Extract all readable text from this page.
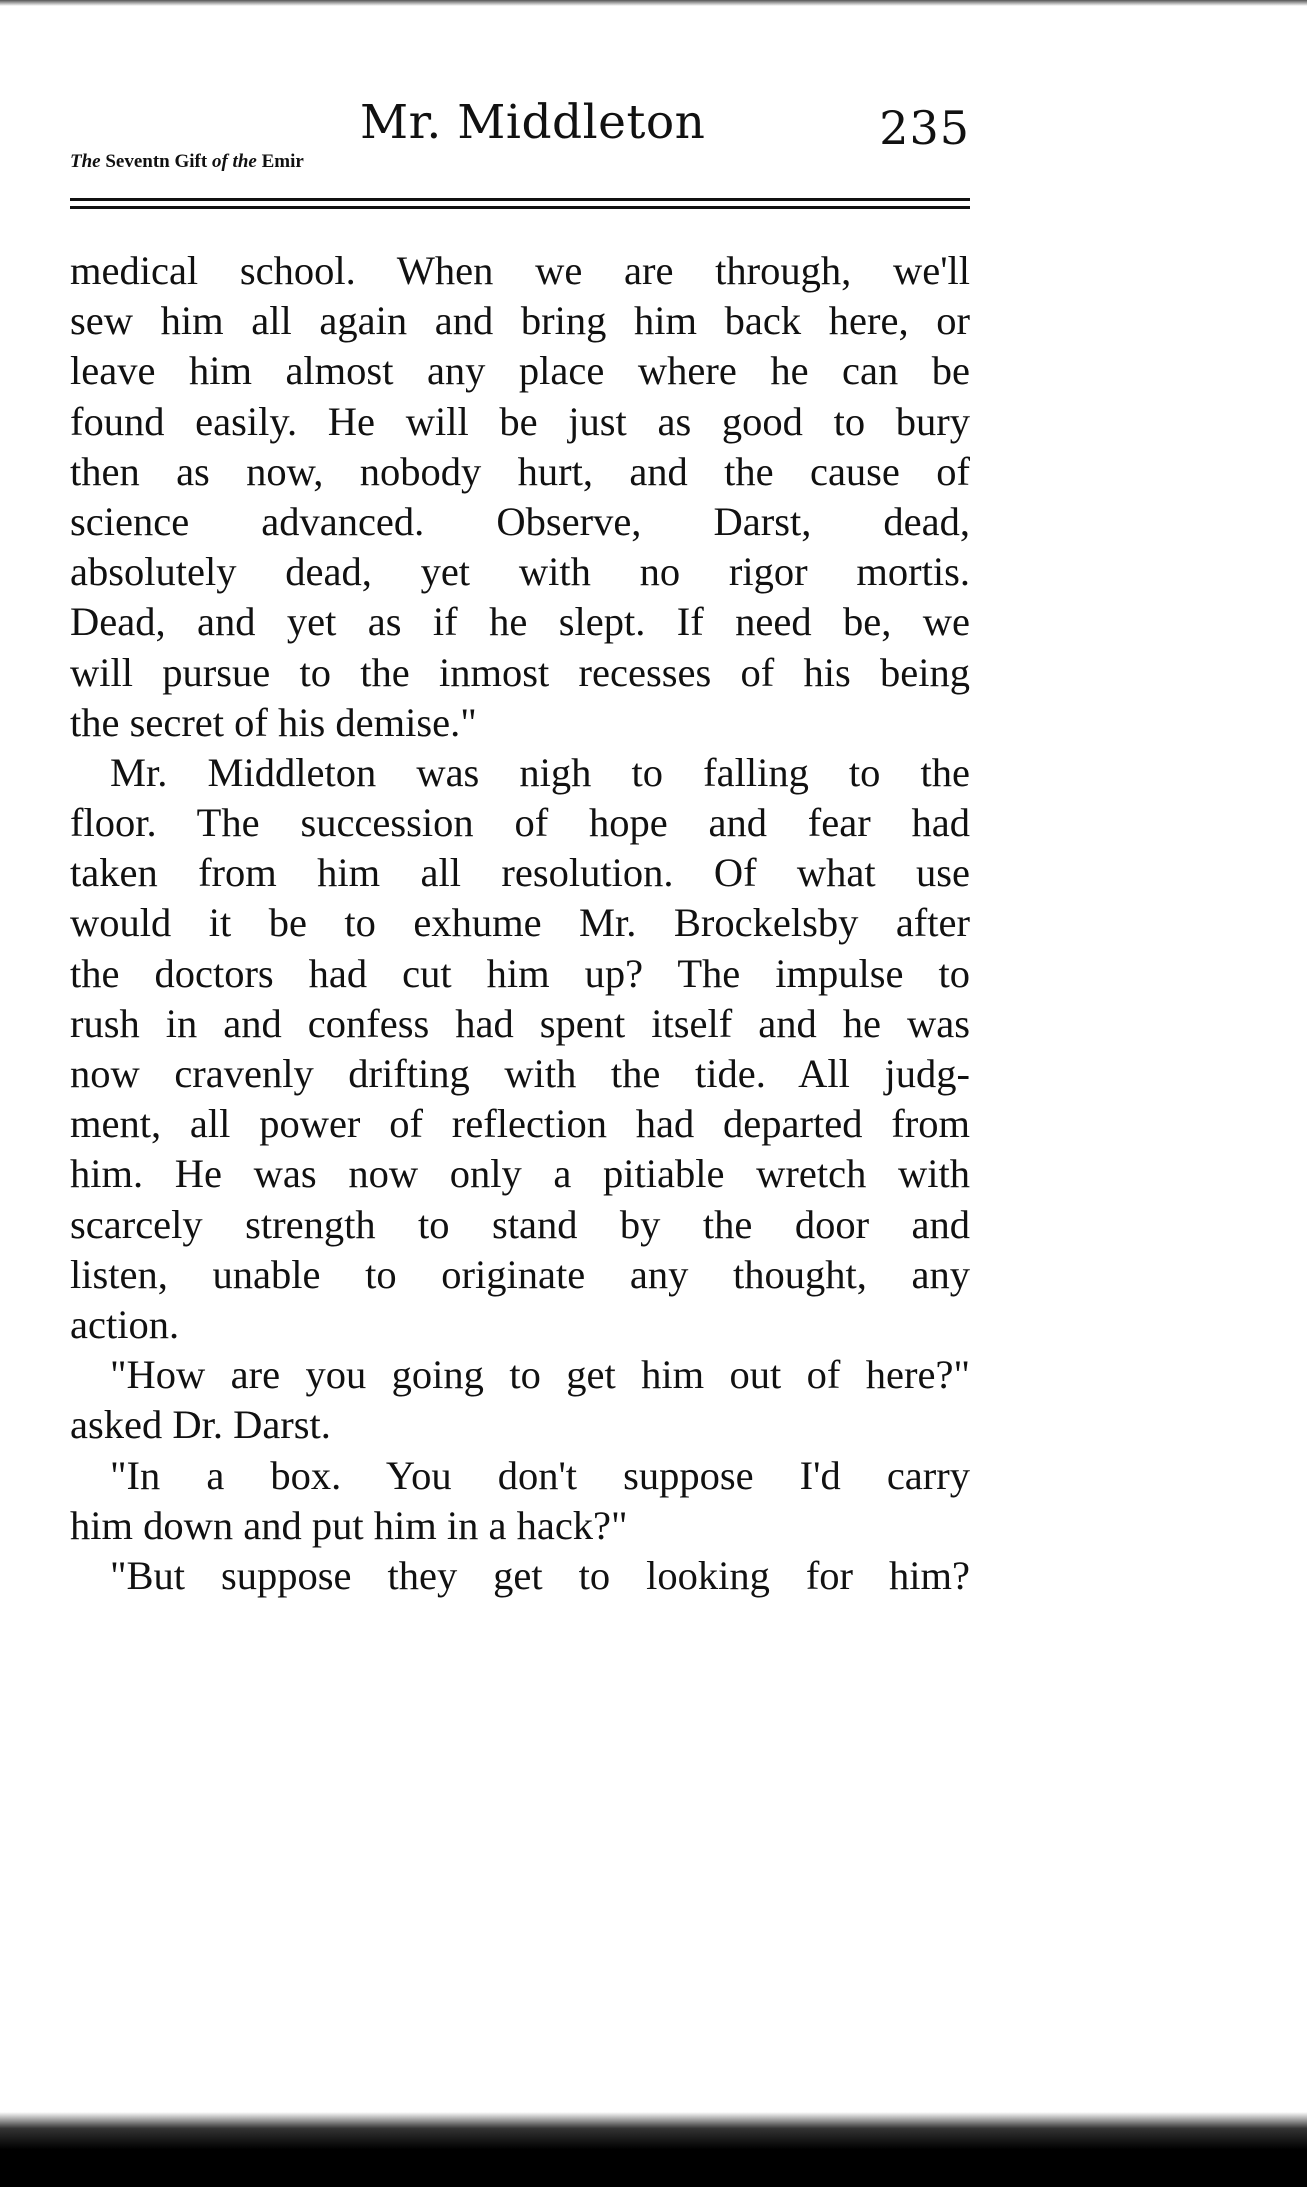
Mr. Middleton
The Seventn Gift of the Emir
235
medical school. When we are through, we'll
sew him all again and bring him back here, or
leave him almost any place where he can be
found easily. He will be just as good to bury
then as now, nobody hurt, and the cause of
science advanced. Observe, Darst, dead,
absolutely dead, yet with no rigor mortis.
Dead, and yet as if he slept. If need be, we
will pursue to the inmost recesses of his being
the secret of his demise."
Mr. Middleton was nigh to falling to the
floor. The succession of hope and fear had
taken from him all resolution. Of what use
would it be to exhume Mr. Brockelsby after
the doctors had cut him up? The impulse to
rush in and confess had spent itself and he was
now cravenly drifting with the tide. All judg-
ment, all power of reflection had departed from
him. He was now only a pitiable wretch with
scarcely strength to stand by the door and
listen, unable to originate any thought, any
action.
"How are you going to get him out of here?"
asked Dr. Darst.
"In a box. You don't suppose I'd carry
him down and put him in a hack?"
"But suppose they get to looking for him?
